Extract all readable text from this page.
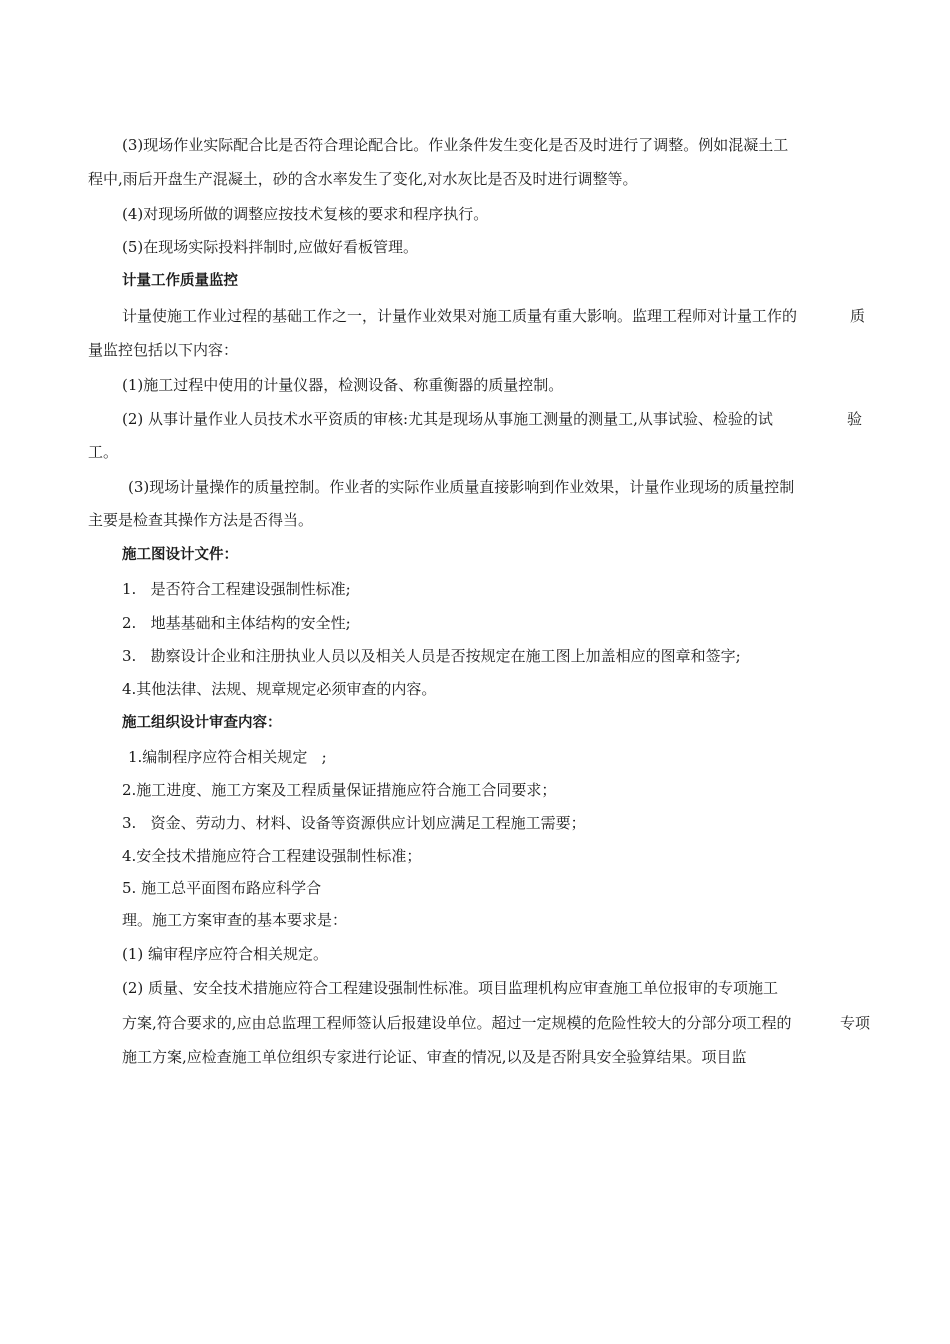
(3)现场作业实际配合比是否符合理论配合比。作业条件发生变化是否及时进行了调整。例如混凝土工

程中,雨后开盘生产混凝土，砂的含水率发生了变化,对水灰比是否及时进行调整等。

(4)对现场所做的调整应按技术复核的要求和程序执行。

(5)在现场实际投料拌制时,应做好看板管理。

计量工作质量监控

计量使施工作业过程的基础工作之一，计量作业效果对施工质量有重大影响。监理工程师对计量工作的	质

量监控包括以下内容：

(1)施工过程中使用的计量仪器，检测设备、称重衡器的质量控制。

(2) 从事计量作业人员技术水平资质的审核:尤其是现场从事施工测量的测量工,从事试验、检验的试	验

工。

(3)现场计量操作的质量控制。作业者的实际作业质量直接影响到作业效果，计量作业现场的质量控制

主要是检查其操作方法是否得当。

施工图设计文件：

1.   是否符合工程建设强制性标准;

2.   地基基础和主体结构的安全性;

3.   勘察设计企业和注册执业人员以及相关人员是否按规定在施工图上加盖相应的图章和签字;

4.其他法律、法规、规章规定必须审查的内容。

施工组织设计审查内容：

1.编制程序应符合相关规定   ;

2.施工进度、施工方案及工程质量保证措施应符合施工合同要求；

3.   资金、劳动力、材料、设备等资源供应计划应满足工程施工需要；

4.安全技术措施应符合工程建设强制性标准；

5. 施工总平面图布路应科学合

理。施工方案审查的基本要求是：

(1) 编审程序应符合相关规定。

(2) 质量、安全技术措施应符合工程建设强制性标准。项目监理机构应审查施工单位报审的专项施工

方案,符合要求的,应由总监理工程师签认后报建设单位。超过一定规模的危险性较大的分部分项工程的	专项

施工方案,应检查施工单位组织专家进行论证、审查的情况,以及是否附具安全验算结果。项目监
